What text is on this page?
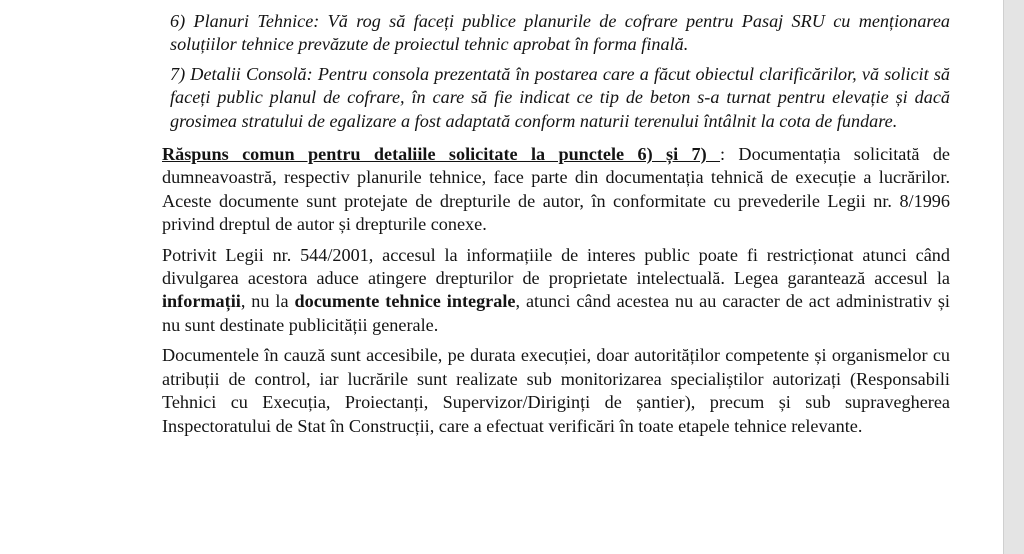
6) Planuri Tehnice: Vă rog să faceți publice planurile de cofrare pentru Pasaj SRU cu menționarea soluțiilor tehnice prevăzute de proiectul tehnic aprobat în forma finală.

7) Detalii Consolă: Pentru consola prezentată în postarea care a făcut obiectul clarificărilor, vă solicit să faceți public planul de cofrare, în care să fie indicat ce tip de beton s-a turnat pentru elevație și dacă grosimea stratului de egalizare a fost adaptată conform naturii terenului întâlnit la cota de fundare.

Răspuns comun pentru detaliile solicitate la punctele 6) și 7) : Documentația solicitată de dumneavoastră, respectiv planurile tehnice, face parte din documentația tehnică de execuție a lucrărilor. Aceste documente sunt protejate de drepturile de autor, în conformitate cu prevederile Legii nr. 8/1996 privind dreptul de autor și drepturile conexe.

Potrivit Legii nr. 544/2001, accesul la informațiile de interes public poate fi restricționat atunci când divulgarea acestora aduce atingere drepturilor de proprietate intelectuală. Legea garantează accesul la informații, nu la documente tehnice integrale, atunci când acestea nu au caracter de act administrativ și nu sunt destinate publicității generale.

Documentele în cauză sunt accesibile, pe durata execuției, doar autorităților competente și organismelor cu atribuții de control, iar lucrările sunt realizate sub monitorizarea specialiștilor autorizați (Responsabili Tehnici cu Execuția, Proiectanți, Supervizor/Diriginți de șantier), precum și sub supravegherea Inspectoratului de Stat în Construcții, care a efectuat verificări în toate etapele tehnice relevante.
